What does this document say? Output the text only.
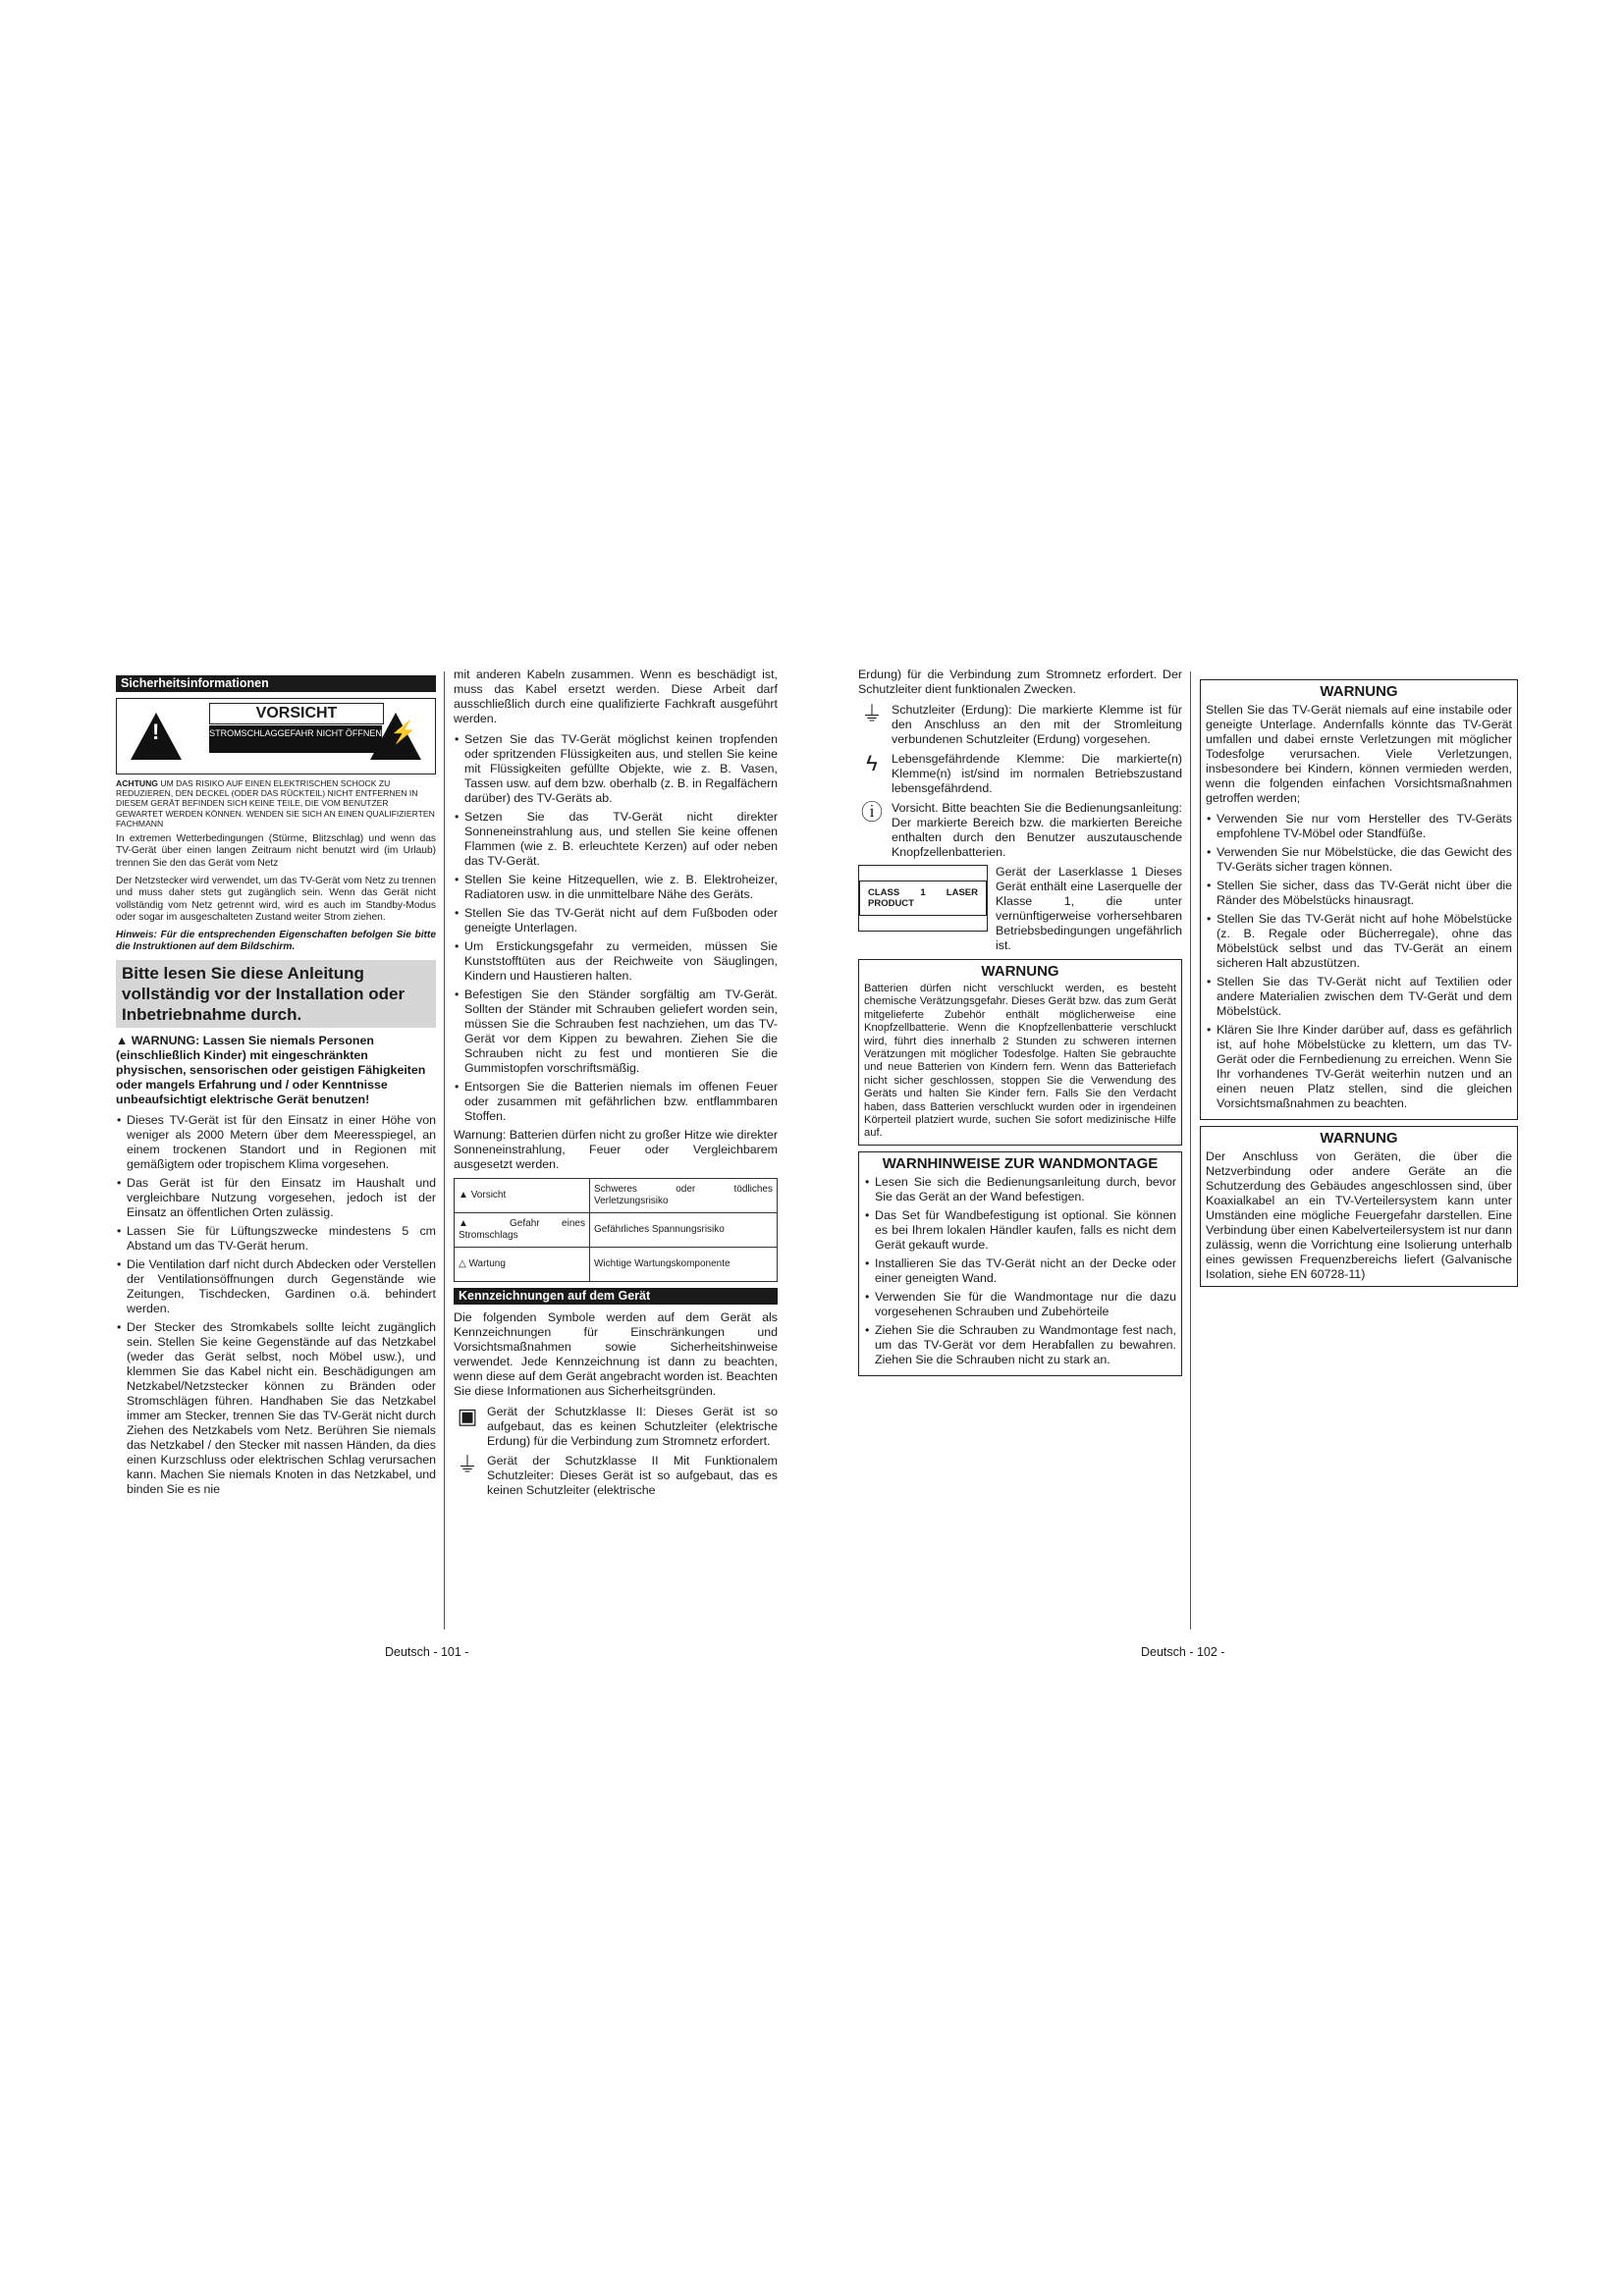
Sicherheitsinformationen
!
VORSICHT
STROMSCHLAGGEFAHR NICHT ÖFFNEN ⚡
ACHTUNG UM DAS RISIKO AUF EINEN ELEKTRISCHEN SCHOCK ZU REDUZIEREN, DEN DECKEL (ODER DAS RÜCKTEIL) NICHT ENTFERNEN IN DIESEM GERÄT BEFINDEN SICH KEINE TEILE, DIE VOM BENUTZER GEWARTET WERDEN KÖNNEN. WENDEN SIE SICH AN EINEN QUALIFIZIERTEN FACHMANN

In extremen Wetterbedingungen (Stürme, Blitzschlag) und wenn das TV-Gerät über einen langen Zeitraum nicht benutzt wird (im Urlaub) trennen Sie den das Gerät vom Netz

Der Netzstecker wird verwendet, um das TV-Gerät vom Netz zu trennen und muss daher stets gut zugänglich sein. Wenn das Gerät nicht vollständig vom Netz getrennt wird, wird es auch im Standby-Modus oder sogar im ausgeschalteten Zustand weiter Strom ziehen.

Hinweis: Für die entsprechenden Eigenschaften befolgen Sie bitte die Instruktionen auf dem Bildschirm.

Bitte lesen Sie diese Anleitung vollständig vor der Installation oder Inbetriebnahme durch.

▲ WARNUNG: Lassen Sie niemals Personen (einschließlich Kinder) mit eingeschränkten physischen, sensorischen oder geistigen Fähigkeiten oder mangels Erfahrung und / oder Kenntnisse unbeaufsichtigt elektrische Gerät benutzen!

• Dieses TV-Gerät ist für den Einsatz in einer Höhe von weniger als 2000 Metern über dem Meeresspiegel, an einem trockenen Standort und in Regionen mit gemäßigtem oder tropischem Klima vorgesehen.
• Das Gerät ist für den Einsatz im Haushalt und vergleichbare Nutzung vorgesehen, jedoch ist der Einsatz an öffentlichen Orten zulässig.
• Lassen Sie für Lüftungszwecke mindestens 5 cm Abstand um das TV-Gerät herum.
• Die Ventilation darf nicht durch Abdecken oder Verstellen der Ventilationsöffnungen durch Gegenstände wie Zeitungen, Tischdecken, Gardinen o.ä. behindert werden.
• Der Stecker des Stromkabels sollte leicht zugänglich sein. Stellen Sie keine Gegenstände auf das Netzkabel (weder das Gerät selbst, noch Möbel usw.), und klemmen Sie das Kabel nicht ein. Beschädigungen am Netzkabel/Netzstecker können zu Bränden oder Stromschlägen führen. Handhaben Sie das Netzkabel immer am Stecker, trennen Sie das TV-Gerät nicht durch Ziehen des Netzkabels vom Netz. Berühren Sie niemals das Netzkabel / den Stecker mit nassen Händen, da dies einen Kurzschluss oder elektrischen Schlag verursachen kann. Machen Sie niemals Knoten in das Netzkabel, und binden Sie es nie

mit anderen Kabeln zusammen. Wenn es beschädigt ist, muss das Kabel ersetzt werden. Diese Arbeit darf ausschließlich durch eine qualifizierte Fachkraft ausgeführt werden.

• Setzen Sie das TV-Gerät möglichst keinen tropfenden oder spritzenden Flüssigkeiten aus, und stellen Sie keine mit Flüssigkeiten gefüllte Objekte, wie z. B. Vasen, Tassen usw. auf dem bzw. oberhalb (z. B. in Regalfächern darüber) des TV-Geräts ab.
• Setzen Sie das TV-Gerät nicht direkter Sonneneinstrahlung aus, und stellen Sie keine offenen Flammen (wie z. B. erleuchtete Kerzen) auf oder neben das TV-Gerät.
• Stellen Sie keine Hitzequellen, wie z. B. Elektroheizer, Radiatoren usw. in die unmittelbare Nähe des Geräts.
• Stellen Sie das TV-Gerät nicht auf dem Fußboden oder geneigte Unterlagen.
• Um Erstickungsgefahr zu vermeiden, müssen Sie Kunststofftüten aus der Reichweite von Säuglingen, Kindern und Haustieren halten.
• Befestigen Sie den Ständer sorgfältig am TV-Gerät. Sollten der Ständer mit Schrauben geliefert worden sein, müssen Sie die Schrauben fest nachziehen, um das TV-Gerät vor dem Kippen zu bewahren. Ziehen Sie die Schrauben nicht zu fest und montieren Sie die Gummistopfen vorschriftsmäßig.
• Entsorgen Sie die Batterien niemals im offenen Feuer oder zusammen mit gefährlichen bzw. entflammbaren Stoffen.

Warnung: Batterien dürfen nicht zu großer Hitze wie direkter Sonneneinstrahlung, Feuer oder Vergleichbarem ausgesetzt werden.

▲ Vorsicht	Schweres oder tödliches Verletzungsrisiko
▲ Gefahr eines Stromschlags	Gefährliches Spannungsrisiko
△ Wartung	Wichtige Wartungskomponente
Kennzeichnungen auf dem Gerät

Die folgenden Symbole werden auf dem Gerät als Kennzeichnungen für Einschränkungen und Vorsichtsmaßnahmen sowie Sicherheitshinweise verwendet. Jede Kennzeichnung ist dann zu beachten, wenn diese auf dem Gerät angebracht worden ist. Beachten Sie diese Informationen aus Sicherheitsgründen.

▣ Gerät der Schutzklasse II: Dieses Gerät ist so aufgebaut, das es keinen Schutzleiter (elektrische Erdung) für die Verbindung zum Stromnetz erfordert.
⏚ Gerät der Schutzklasse II Mit Funktionalem Schutzleiter: Dieses Gerät ist so aufgebaut, das es keinen Schutzleiter (elektrische
Deutsch - 101 -

Erdung) für die Verbindung zum Stromnetz erfordert. Der Schutzleiter dient funktionalen Zwecken.

⏚ Schutzleiter (Erdung): Die markierte Klemme ist für den Anschluss an den mit der Stromleitung verbundenen Schutzleiter (Erdung) vorgesehen.
ϟ	Lebensgefährdende Klemme: Die markierte(n) Klemme(n) ist/sind im normalen Betriebszustand lebensgefährdend.
ⓘ Vorsicht. Bitte beachten Sie die Bedienungsanleitung: Der markierte Bereich bzw. die markierten Bereiche enthalten durch den Benutzer auszutauschende Knopfzellenbatterien.
CLASS 1 LASER PRODUCT
Gerät der Laserklasse 1 Dieses Gerät enthält eine Laserquelle der Klasse 1, die unter vernünftigerweise vorhersehbaren Betriebsbedingungen ungefährlich ist.
WARNUNG
Batterien dürfen nicht verschluckt werden, es besteht chemische Verätzungsgefahr. Dieses Gerät bzw. das zum Gerät mitgelieferte Zubehör enthält möglicherweise eine Knopfzellbatterie. Wenn die Knopfzellenbatterie verschluckt wird, führt dies innerhalb 2 Stunden zu schweren internen Verätzungen mit möglicher Todesfolge. Halten Sie gebrauchte und neue Batterien von Kindern fern. Wenn das Batteriefach nicht sicher geschlossen, stoppen Sie die Verwendung des Geräts und halten Sie Kinder fern. Falls Sie den Verdacht haben, dass Batterien verschluckt wurden oder in irgendeinen Körperteil platziert wurde, suchen Sie sofort medizinische Hilfe auf.
WARNHINWEISE ZUR WANDMONTAGE
• Lesen Sie sich die Bedienungsanleitung durch, bevor Sie das Gerät an der Wand befestigen.
• Das Set für Wandbefestigung ist optional. Sie können es bei Ihrem lokalen Händler kaufen, falls es nicht dem Gerät gekauft wurde.
• Installieren Sie das TV-Gerät nicht an der Decke oder einer geneigten Wand.
• Verwenden Sie für die Wandmontage nur die dazu vorgesehenen Schrauben und Zubehörteile
• Ziehen Sie die Schrauben zu Wandmontage fest nach, um das TV-Gerät vor dem Herabfallen zu bewahren. Ziehen Sie die Schrauben nicht zu stark an.
WARNUNG

Stellen Sie das TV-Gerät niemals auf eine instabile oder geneigte Unterlage. Andernfalls könnte das TV-Gerät umfallen und dabei ernste Verletzungen mit möglicher Todesfolge verursachen. Viele Verletzungen, insbesondere bei Kindern, können vermieden werden, wenn die folgenden einfachen Vorsichtsmaßnahmen getroffen werden;

• Verwenden Sie nur vom Hersteller des TV-Geräts empfohlene TV-Möbel oder Standfüße.
• Verwenden Sie nur Möbelstücke, die das Gewicht des TV-Geräts sicher tragen können.
• Stellen Sie sicher, dass das TV-Gerät nicht über die Ränder des Möbelstücks hinausragt.
• Stellen Sie das TV-Gerät nicht auf hohe Möbelstücke (z. B. Regale oder Bücherregale), ohne das Möbelstück selbst und das TV-Gerät an einem sicheren Halt abzustützen.
• Stellen Sie das TV-Gerät nicht auf Textilien oder andere Materialien zwischen dem TV-Gerät und dem Möbelstück.
• Klären Sie Ihre Kinder darüber auf, dass es gefährlich ist, auf hohe Möbelstücke zu klettern, um das TV-Gerät oder die Fernbedienung zu erreichen. Wenn Sie Ihr vorhandenes TV-Gerät weiterhin nutzen und an einen neuen Platz stellen, sind die gleichen Vorsichtsmaßnahmen zu beachten.
WARNUNG

Der Anschluss von Geräten, die über die Netzverbindung oder andere Geräte an die Schutzerdung des Gebäudes angeschlossen sind, über Koaxialkabel an ein TV-Verteilersystem kann unter Umständen eine mögliche Feuergefahr darstellen. Eine Verbindung über einen Kabelverteilersystem ist nur dann zulässig, wenn die Vorrichtung eine Isolierung unterhalb eines gewissen Frequenzbereichs liefert (Galvanische Isolation, siehe EN 60728-11)

Deutsch - 102 -
